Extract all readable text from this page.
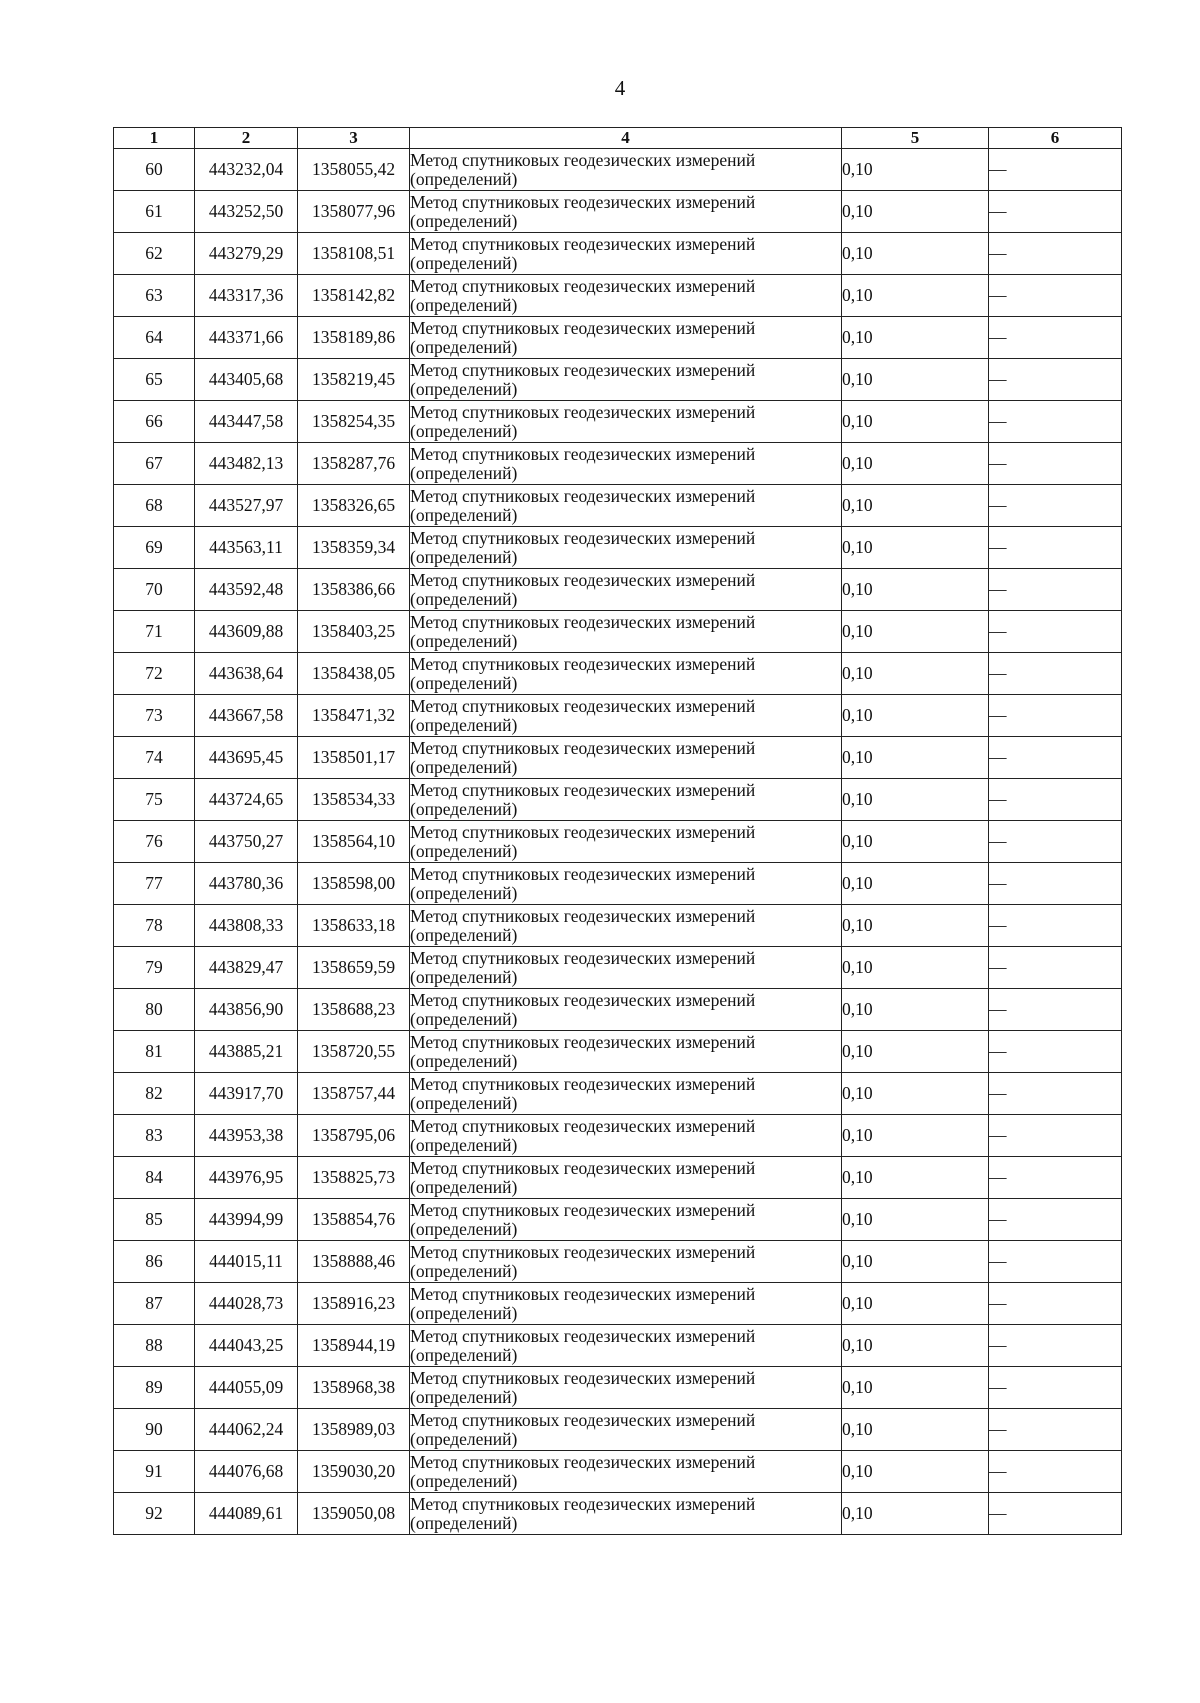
4
1	2	3	4	5	6
60	443232,04	1358055,42	Метод спутниковых геодезических измерений (определений)	0,10	—
61	443252,50	1358077,96	Метод спутниковых геодезических измерений (определений)	0,10	—
62	443279,29	1358108,51	Метод спутниковых геодезических измерений (определений)	0,10	—
63	443317,36	1358142,82	Метод спутниковых геодезических измерений (определений)	0,10	—
64	443371,66	1358189,86	Метод спутниковых геодезических измерений (определений)	0,10	—
65	443405,68	1358219,45	Метод спутниковых геодезических измерений (определений)	0,10	—
66	443447,58	1358254,35	Метод спутниковых геодезических измерений (определений)	0,10	—
67	443482,13	1358287,76	Метод спутниковых геодезических измерений (определений)	0,10	—
68	443527,97	1358326,65	Метод спутниковых геодезических измерений (определений)	0,10	—
69	443563,11	1358359,34	Метод спутниковых геодезических измерений (определений)	0,10	—
70	443592,48	1358386,66	Метод спутниковых геодезических измерений (определений)	0,10	—
71	443609,88	1358403,25	Метод спутниковых геодезических измерений (определений)	0,10	—
72	443638,64	1358438,05	Метод спутниковых геодезических измерений (определений)	0,10	—
73	443667,58	1358471,32	Метод спутниковых геодезических измерений (определений)	0,10	—
74	443695,45	1358501,17	Метод спутниковых геодезических измерений (определений)	0,10	—
75	443724,65	1358534,33	Метод спутниковых геодезических измерений (определений)	0,10	—
76	443750,27	1358564,10	Метод спутниковых геодезических измерений (определений)	0,10	—
77	443780,36	1358598,00	Метод спутниковых геодезических измерений (определений)	0,10	—
78	443808,33	1358633,18	Метод спутниковых геодезических измерений (определений)	0,10	—
79	443829,47	1358659,59	Метод спутниковых геодезических измерений (определений)	0,10	—
80	443856,90	1358688,23	Метод спутниковых геодезических измерений (определений)	0,10	—
81	443885,21	1358720,55	Метод спутниковых геодезических измерений (определений)	0,10	—
82	443917,70	1358757,44	Метод спутниковых геодезических измерений (определений)	0,10	—
83	443953,38	1358795,06	Метод спутниковых геодезических измерений (определений)	0,10	—
84	443976,95	1358825,73	Метод спутниковых геодезических измерений (определений)	0,10	—
85	443994,99	1358854,76	Метод спутниковых геодезических измерений (определений)	0,10	—
86	444015,11	1358888,46	Метод спутниковых геодезических измерений (определений)	0,10	—
87	444028,73	1358916,23	Метод спутниковых геодезических измерений (определений)	0,10	—
88	444043,25	1358944,19	Метод спутниковых геодезических измерений (определений)	0,10	—
89	444055,09	1358968,38	Метод спутниковых геодезических измерений (определений)	0,10	—
90	444062,24	1358989,03	Метод спутниковых геодезических измерений (определений)	0,10	—
91	444076,68	1359030,20	Метод спутниковых геодезических измерений (определений)	0,10	—
92	444089,61	1359050,08	Метод спутниковых геодезических измерений (определений)	0,10	—
